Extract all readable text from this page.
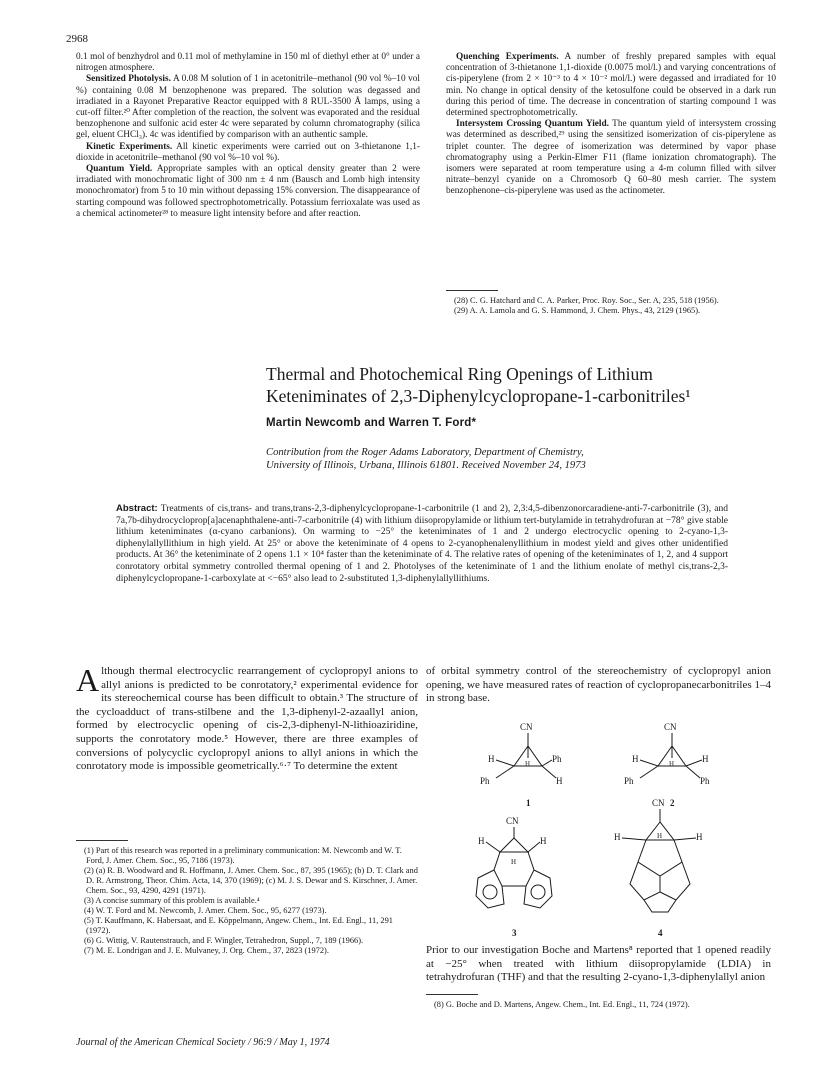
2968

0.1 mol of benzhydrol and 0.11 mol of methylamine in 150 ml of diethyl ether at 0° under a nitrogen atmosphere.

Sensitized Photolysis. A 0.08 M solution of 1 in acetonitrile–methanol (90 vol %–10 vol %) containing 0.08 M benzophenone was prepared. The solution was degassed and irradiated in a Rayonet Preparative Reactor equipped with 8 RUL-3500 Å lamps, using a cut-off filter.²⁰ After completion of the reaction, the solvent was evaporated and the residual benzophenone and sulfonic acid ester 4c were separated by column chromatography (silica gel, eluent CHCl₃). 4c was identified by comparison with an authentic sample.

Kinetic Experiments. All kinetic experiments were carried out on 3-thietanone 1,1-dioxide in acetonitrile–methanol (90 vol %–10 vol %).

Quantum Yield. Appropriate samples with an optical density greater than 2 were irradiated with monochromatic light of 300 nm ± 4 nm (Bausch and Lomb high intensity monochromator) from 5 to 10 min without depassing 15% conversion. The disappearance of starting compound was followed spectrophotometrically. Potassium ferrioxalate was used as a chemical actinometer²⁸ to measure light intensity before and after reaction.

Quenching Experiments. A number of freshly prepared samples with equal concentration of 3-thietanone 1,1-dioxide (0.0075 mol/l.) and varying concentrations of cis-piperylene (from 2 × 10⁻³ to 4 × 10⁻² mol/l.) were degassed and irradiated for 10 min. No change in optical density of the ketosulfone could be observed in a dark run during this period of time. The decrease in concentration of starting compound 1 was determined spectrophotometrically.

Intersystem Crossing Quantum Yield. The quantum yield of intersystem crossing was determined as described,²⁹ using the sensitized isomerization of cis-piperylene as triplet counter. The degree of isomerization was determined by vapor phase chromatography using a Perkin-Elmer F11 (flame ionization chromatograph). The isomers were separated at room temperature using a 4-m column filled with silver nitrate–benzyl cyanide on a Chromosorb Q 60–80 mesh carrier. The system benzophenone–cis-piperylene was used as the actinometer.

(28) C. G. Hatchard and C. A. Parker, Proc. Roy. Soc., Ser. A, 235, 518 (1956).

(29) A. A. Lamola and G. S. Hammond, J. Chem. Phys., 43, 2129 (1965).

Thermal and Photochemical Ring Openings of Lithium
Keteniminates of 2,3-Diphenylcyclopropane-1-carbonitriles¹
Martin Newcomb and Warren T. Ford*
Contribution from the Roger Adams Laboratory, Department of Chemistry,
University of Illinois, Urbana, Illinois 61801. Received November 24, 1973
Abstract: Treatments of cis,trans- and trans,trans-2,3-diphenylcyclopropane-1-carbonitrile (1 and 2), 2,3:4,5-dibenzonorcaradiene-anti-7-carbonitrile (3), and 7a,7b-dihydrocycloprop[a]acenaphthalene-anti-7-carbonitrile (4) with lithium diisopropylamide or lithium tert-butylamide in tetrahydrofuran at −78° give stable lithium keteniminates (α-cyano carbanions). On warming to −25° the keteniminates of 1 and 2 undergo electrocyclic opening to 2-cyano-1,3-diphenylallyllithium in high yield. At 25° or above the keteniminate of 4 opens to 2-cyanophenalenyllithium in modest yield and gives other unidentified products. At 36° the keteniminate of 2 opens 1.1 × 10⁴ faster than the keteniminate of 4. The relative rates of opening of the keteniminates of 1, 2, and 4 support conrotatory orbital symmetry controlled thermal opening of 1 and 2. Photolyses of the keteniminate of 1 and the lithium enolate of methyl cis,trans-2,3-diphenylcyclopropane-1-carboxylate at <−65° also lead to 2-substituted 1,3-diphenylallyllithiums.
A lthough thermal electrocyclic rearrangement of cyclopropyl anions to allyl anions is predicted to be conrotatory,² experimental evidence for its stereochemical course has been difficult to obtain.³ The structure of the cycloadduct of trans-stilbene and the 1,3-diphenyl-2-azaallyl anion, formed by electrocyclic opening of cis-2,3-diphenyl-N-lithioaziridine, supports the conrotatory mode.⁵ However, there are three examples of conversions of polycyclic cyclopropyl anions to allyl anions in which the conrotatory mode is impossible geometrically.⁶·⁷ To determine the extent

(1) Part of this research was reported in a preliminary communication: M. Newcomb and W. T. Ford, J. Amer. Chem. Soc., 95, 7186 (1973).

(2) (a) R. B. Woodward and R. Hoffmann, J. Amer. Chem. Soc., 87, 395 (1965); (b) D. T. Clark and D. R. Armstrong, Theor. Chim. Acta, 14, 370 (1969); (c) M. J. S. Dewar and S. Kirschner, J. Amer. Chem. Soc., 93, 4290, 4291 (1971).

(3) A concise summary of this problem is available.⁴

(4) W. T. Ford and M. Newcomb, J. Amer. Chem. Soc., 95, 6277 (1973).

(5) T. Kauffmann, K. Habersaat, and E. Köppelmann, Angew. Chem., Int. Ed. Engl., 11, 291 (1972).

(6) G. Wittig, V. Rautenstrauch, and F. Wingler, Tetrahedron, Suppl., 7, 189 (1966).

(7) M. E. Londrigan and J. E. Mulvaney, J. Org. Chem., 37, 2823 (1972).

of orbital symmetry control of the stereochemistry of cyclopropyl anion opening, we have measured rates of reaction of cyclopropanecarbonitriles 1–4 in strong base.
CN
H
H	Ph
Ph	H
1
CN
H
H	H
Ph	Ph
2
CN
H
H	H
3
CN
H
H	H
4
Prior to our investigation Boche and Martens⁸ reported that 1 opened readily at −25° when treated with lithium diisopropylamide (LDIA) in tetrahydrofuran (THF) and that the resulting 2-cyano-1,3-diphenylallyl anion

(8) G. Boche and D. Martens, Angew. Chem., Int. Ed. Engl., 11, 724 (1972).

Journal of the American Chemical Society / 96:9 / May 1, 1974
